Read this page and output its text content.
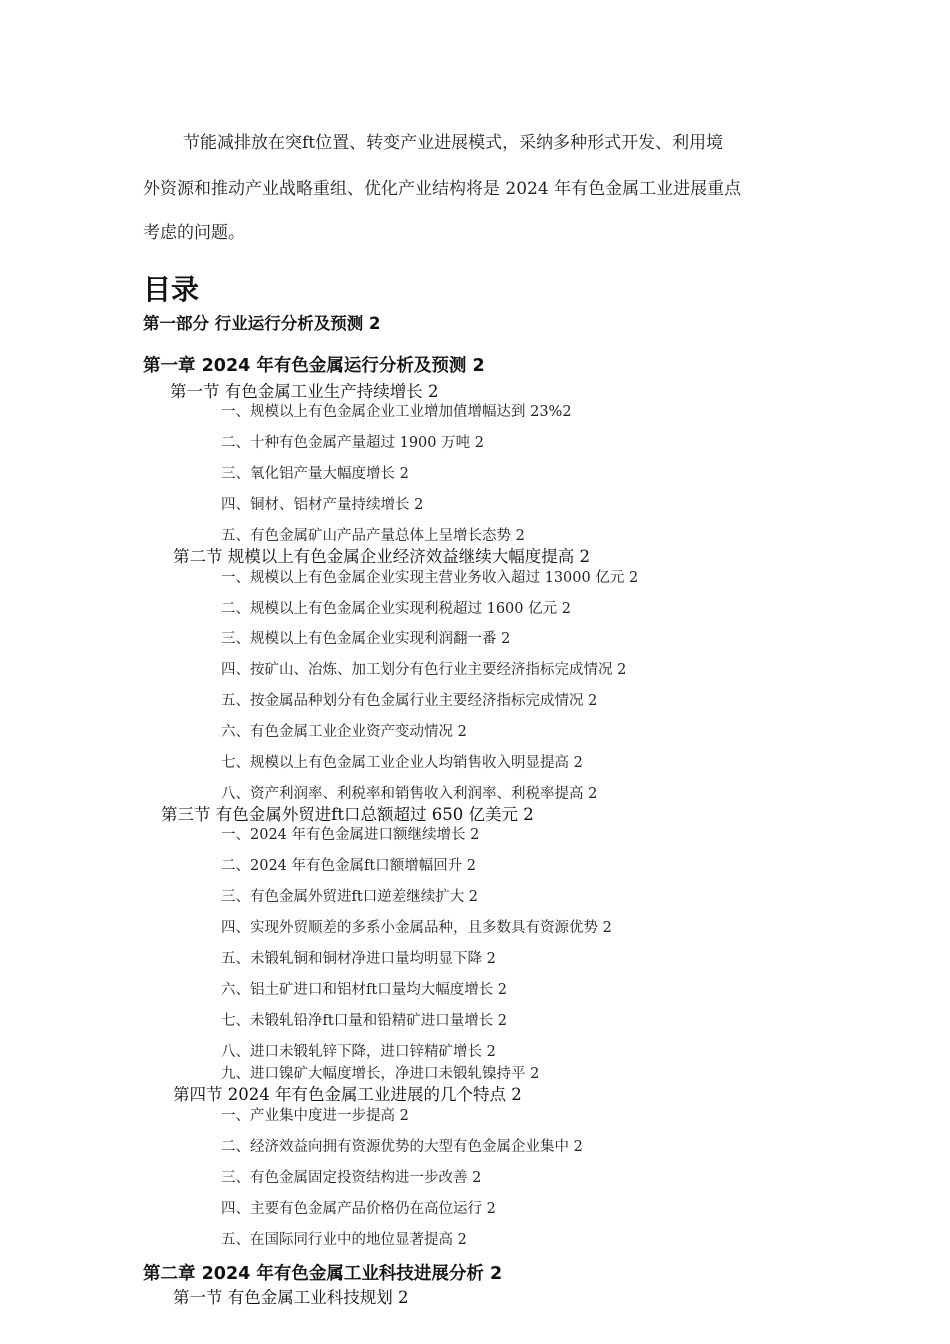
节能减排放在突ft位置、转变产业进展模式，采纳多种形式开发、利用境
外资源和推动产业战略重组、优化产业结构将是 2024 年有色金属工业进展重点
考虑的问题。
目录
第一部分 行业运行分析及预测 2
第一章 2024 年有色金属运行分析及预测 2
第一节 有色金属工业生产持续增长 2
一、规模以上有色金属企业工业增加值增幅达到 23%2
二、十种有色金属产量超过 1900 万吨 2
三、氧化铝产量大幅度增长 2
四、铜材、铝材产量持续增长 2
五、有色金属矿山产品产量总体上呈增长态势 2
第二节 规模以上有色金属企业经济效益继续大幅度提高 2
一、规模以上有色金属企业实现主营业务收入超过 13000 亿元 2
二、规模以上有色金属企业实现利税超过 1600 亿元 2
三、规模以上有色金属企业实现利润翻一番 2
四、按矿山、冶炼、加工划分有色行业主要经济指标完成情况 2
五、按金属品种划分有色金属行业主要经济指标完成情况 2
六、有色金属工业企业资产变动情况 2
七、规模以上有色金属工业企业人均销售收入明显提高 2
八、资产利润率、利税率和销售收入利润率、利税率提高 2
第三节 有色金属外贸进ft口总额超过 650 亿美元 2
一、2024 年有色金属进口额继续增长 2
二、2024 年有色金属ft口额增幅回升 2
三、有色金属外贸进ft口逆差继续扩大 2
四、实现外贸顺差的多系小金属品种，且多数具有资源优势 2
五、未锻轧铜和铜材净进口量均明显下降 2
六、铝土矿进口和铝材ft口量均大幅度增长 2
七、未锻轧铅净ft口量和铅精矿进口量增长 2
八、进口未锻轧锌下降，进口锌精矿增长 2
九、进口镍矿大幅度增长，净进口未锻轧镍持平 2
第四节 2024 年有色金属工业进展的几个特点 2
一、产业集中度进一步提高 2
二、经济效益向拥有资源优势的大型有色金属企业集中 2
三、有色金属固定投资结构进一步改善 2
四、主要有色金属产品价格仍在高位运行 2
五、在国际同行业中的地位显著提高 2
第二章 2024 年有色金属工业科技进展分析 2
第一节 有色金属工业科技规划 2
